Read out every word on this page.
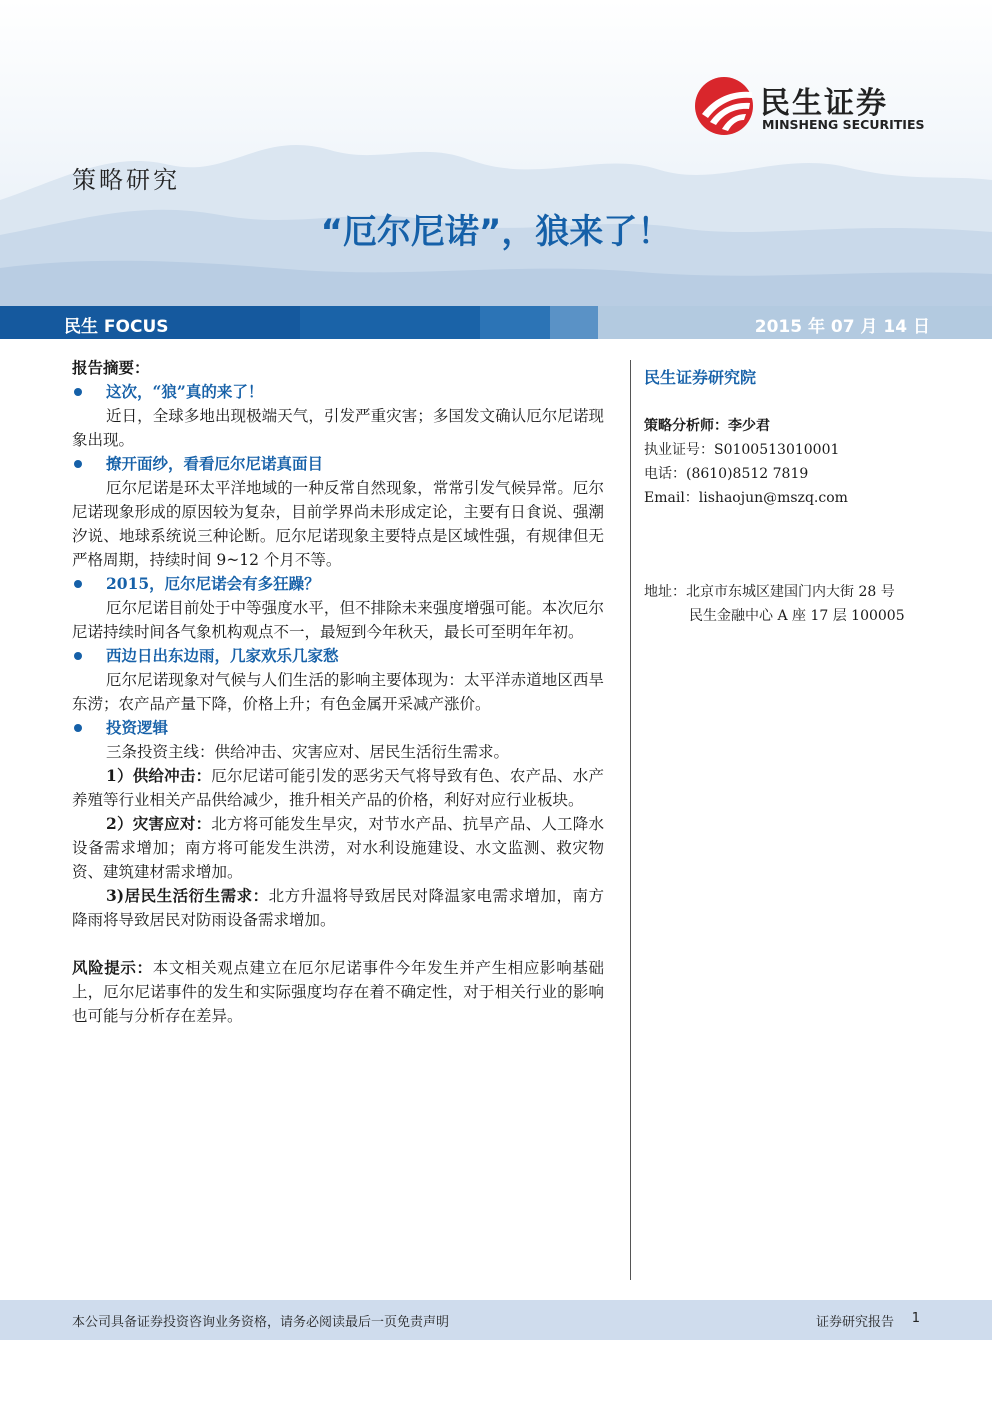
民生证券
MINSHENG SECURITIES
策略研究
“厄尔尼诺”，狼来了！
民生 FOCUS	2015 年 07 月 14 日

报告摘要：

这次，“狼”真的来了！

近日，全球多地出现极端天气，引发严重灾害；多国发文确认厄尔尼诺现象出现。

撩开面纱，看看厄尔尼诺真面目

厄尔尼诺是环太平洋地域的一种反常自然现象，常常引发气候异常。厄尔尼诺现象形成的原因较为复杂，目前学界尚未形成定论，主要有日食说、强潮汐说、地球系统说三种论断。厄尔尼诺现象主要特点是区域性强，有规律但无严格周期，持续时间 9~12 个月不等。

2015，厄尔尼诺会有多狂躁？

厄尔尼诺目前处于中等强度水平，但不排除未来强度增强可能。本次厄尔尼诺持续时间各气象机构观点不一，最短到今年秋天，最长可至明年年初。

西边日出东边雨，几家欢乐几家愁

厄尔尼诺现象对气候与人们生活的影响主要体现为：太平洋赤道地区西旱东涝；农产品产量下降，价格上升；有色金属开采减产涨价。

投资逻辑

三条投资主线：供给冲击、灾害应对、居民生活衍生需求。

1）供给冲击：厄尔尼诺可能引发的恶劣天气将导致有色、农产品、水产养殖等行业相关产品供给减少，推升相关产品的价格，利好对应行业板块。

2）灾害应对：北方将可能发生旱灾，对节水产品、抗旱产品、人工降水设备需求增加；南方将可能发生洪涝，对水利设施建设、水文监测、救灾物资、建筑建材需求增加。

3)居民生活衍生需求：北方升温将导致居民对降温家电需求增加，南方降雨将导致居民对防雨设备需求增加。

风险提示：本文相关观点建立在厄尔尼诺事件今年发生并产生相应影响基础上，厄尔尼诺事件的发生和实际强度均存在着不确定性，对于相关行业的影响也可能与分析存在差异。

民生证券研究院
策略分析师：李少君
执业证号：S0100513010001
电话：(8610)8512 7819
Email：lishaojun@mszq.com
地址：北京市东城区建国门内大街 28 号
民生金融中心 A 座 17 层 100005
本公司具备证券投资咨询业务资格，请务必阅读最后一页免责声明	证券研究报告	1
